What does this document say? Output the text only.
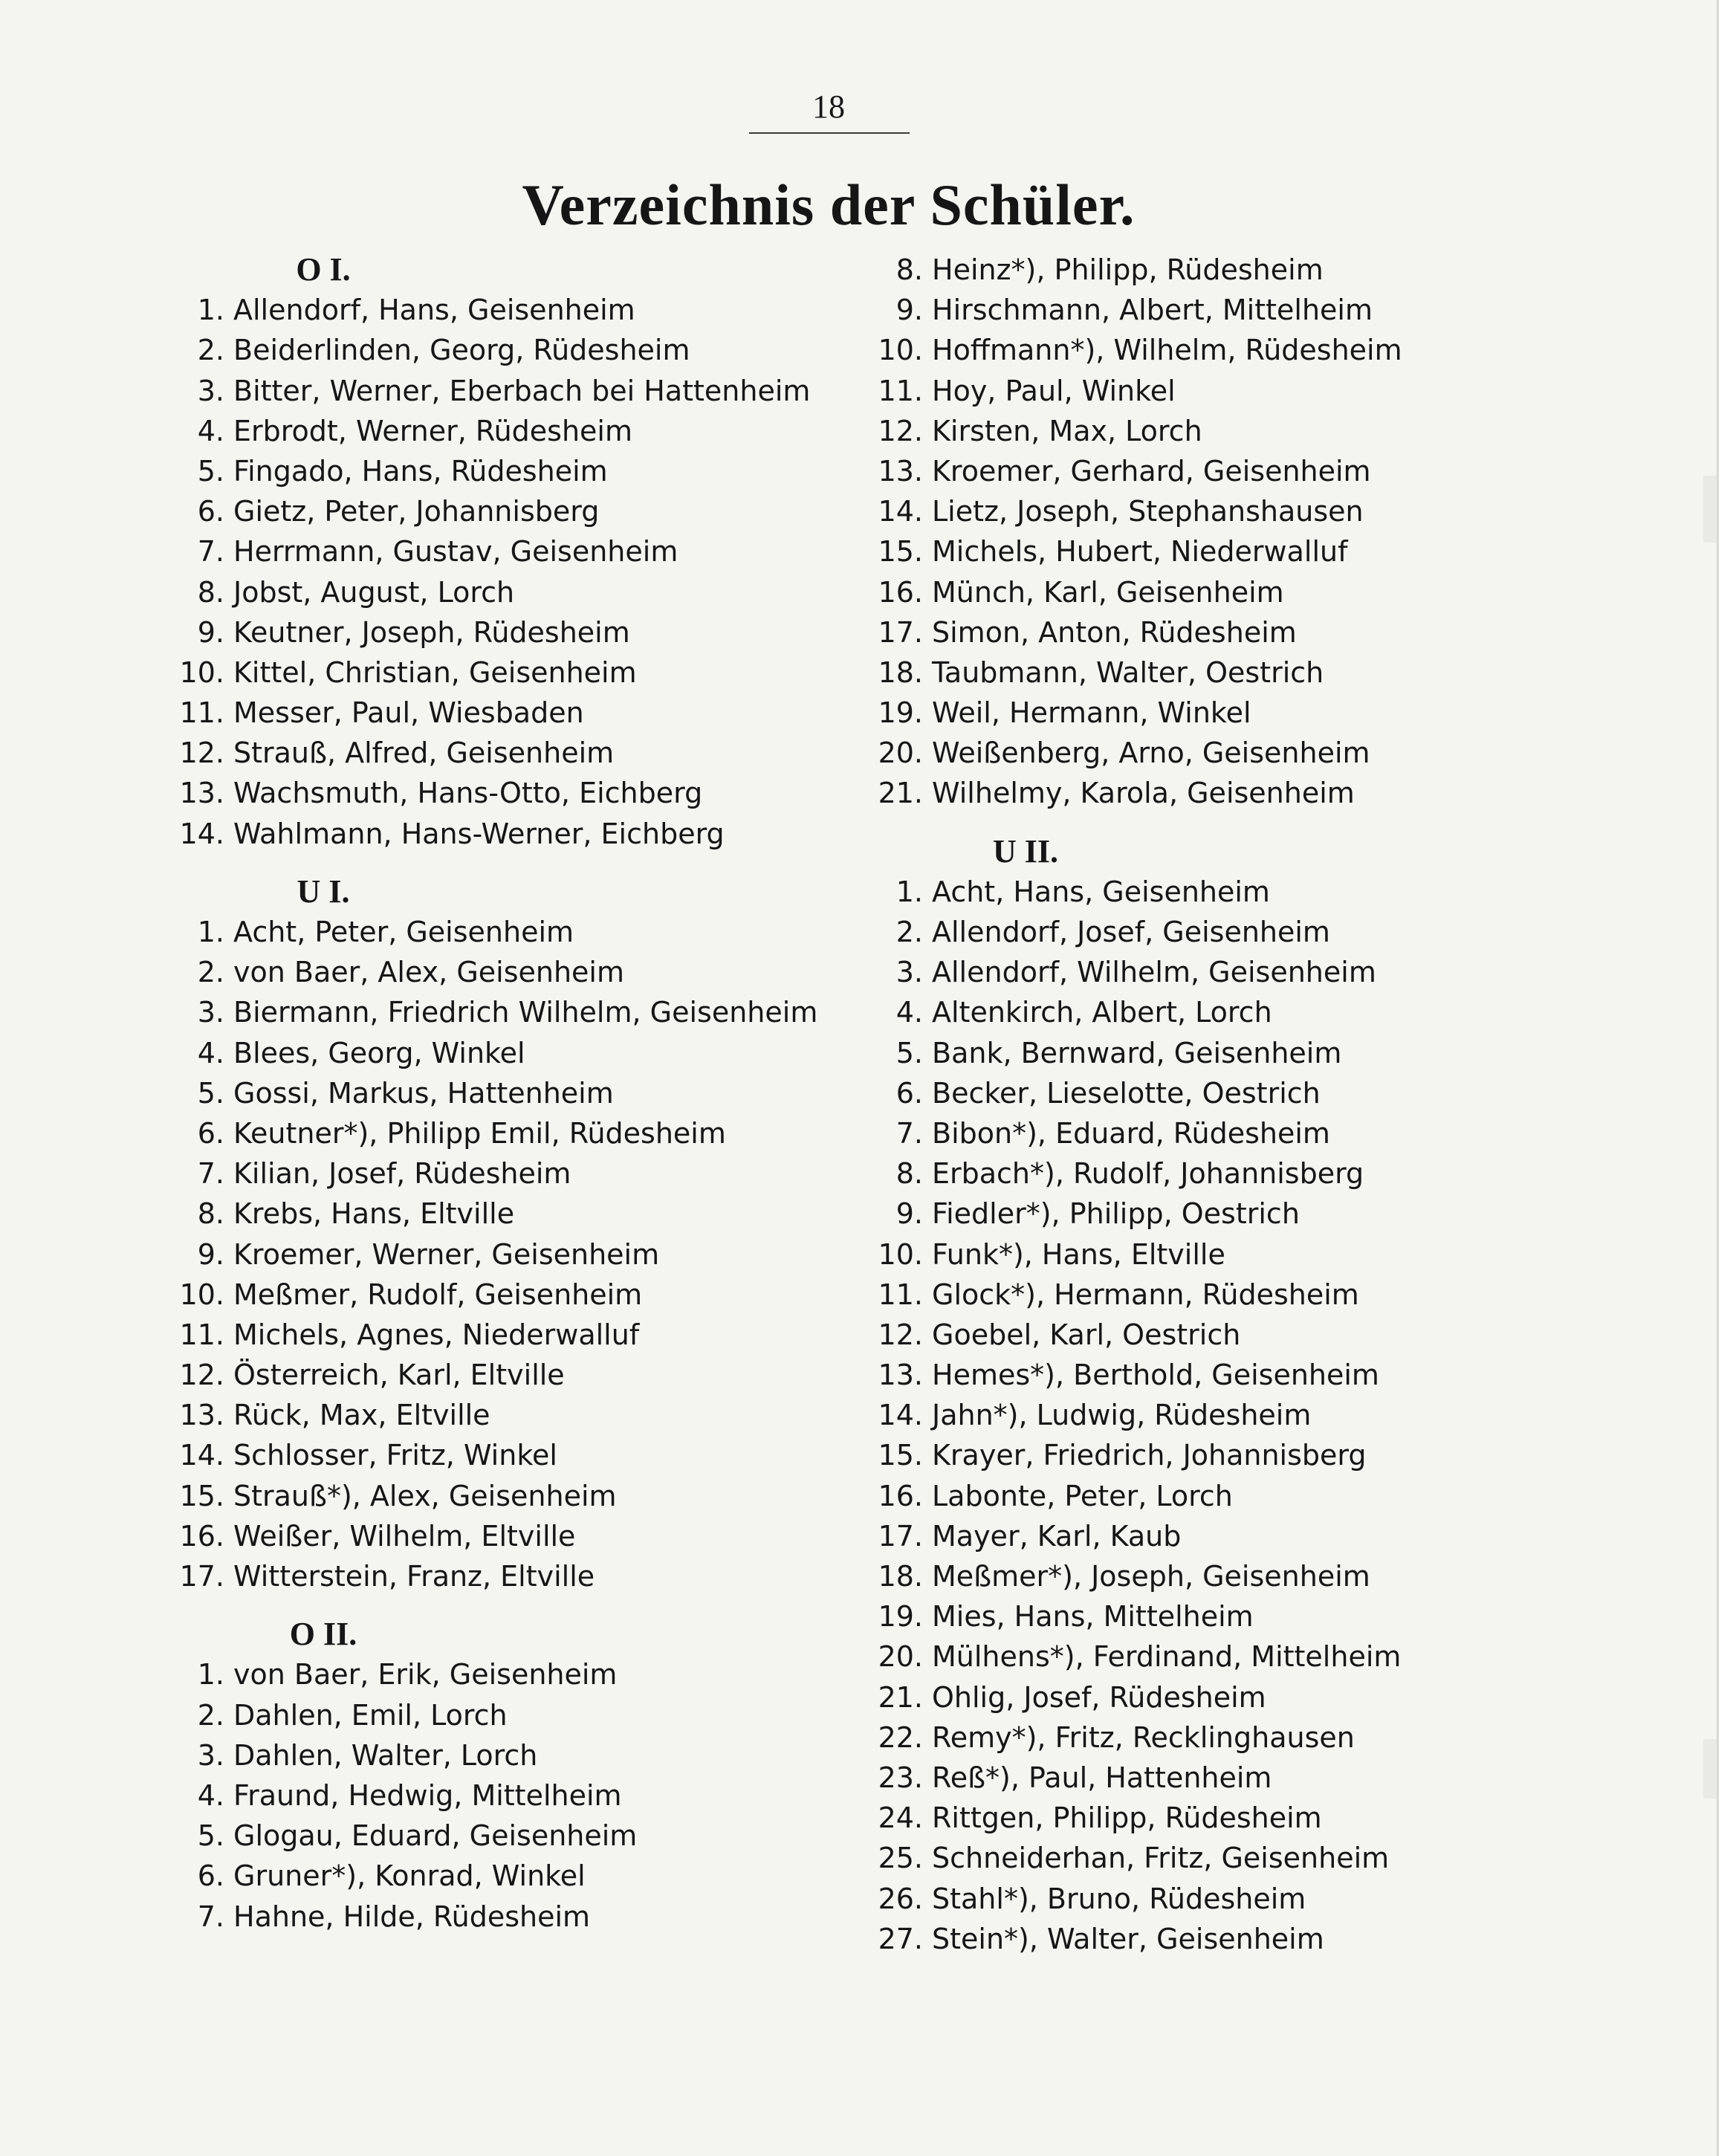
18
Verzeichnis der Schüler.
O I.
1. Allendorf, Hans, Geisenheim
2. Beiderlinden, Georg, Rüdesheim
3. Bitter, Werner, Eberbach bei Hattenheim
4. Erbrodt, Werner, Rüdesheim
5. Fingado, Hans, Rüdesheim
6. Gietz, Peter, Johannisberg
7. Herrmann, Gustav, Geisenheim
8. Jobst, August, Lorch
9. Keutner, Joseph, Rüdesheim
10. Kittel, Christian, Geisenheim
11. Messer, Paul, Wiesbaden
12. Strauß, Alfred, Geisenheim
13. Wachsmuth, Hans-Otto, Eichberg
14. Wahlmann, Hans-Werner, Eichberg
U I.
1. Acht, Peter, Geisenheim
2. von Baer, Alex, Geisenheim
3. Biermann, Friedrich Wilhelm, Geisenheim
4. Blees, Georg, Winkel
5. Gossi, Markus, Hattenheim
6. Keutner*), Philipp Emil, Rüdesheim
7. Kilian, Josef, Rüdesheim
8. Krebs, Hans, Eltville
9. Kroemer, Werner, Geisenheim
10. Meßmer, Rudolf, Geisenheim
11. Michels, Agnes, Niederwalluf
12. Österreich, Karl, Eltville
13. Rück, Max, Eltville
14. Schlosser, Fritz, Winkel
15. Strauß*), Alex, Geisenheim
16. Weißer, Wilhelm, Eltville
17. Witterstein, Franz, Eltville
O II.
1. von Baer, Erik, Geisenheim
2. Dahlen, Emil, Lorch
3. Dahlen, Walter, Lorch
4. Fraund, Hedwig, Mittelheim
5. Glogau, Eduard, Geisenheim
6. Gruner*), Konrad, Winkel
7. Hahne, Hilde, Rüdesheim
8. Heinz*), Philipp, Rüdesheim
9. Hirschmann, Albert, Mittelheim
10. Hoffmann*), Wilhelm, Rüdesheim
11. Hoy, Paul, Winkel
12. Kirsten, Max, Lorch
13. Kroemer, Gerhard, Geisenheim
14. Lietz, Joseph, Stephanshausen
15. Michels, Hubert, Niederwalluf
16. Münch, Karl, Geisenheim
17. Simon, Anton, Rüdesheim
18. Taubmann, Walter, Oestrich
19. Weil, Hermann, Winkel
20. Weißenberg, Arno, Geisenheim
21. Wilhelmy, Karola, Geisenheim
U II.
1. Acht, Hans, Geisenheim
2. Allendorf, Josef, Geisenheim
3. Allendorf, Wilhelm, Geisenheim
4. Altenkirch, Albert, Lorch
5. Bank, Bernward, Geisenheim
6. Becker, Lieselotte, Oestrich
7. Bibon*), Eduard, Rüdesheim
8. Erbach*), Rudolf, Johannisberg
9. Fiedler*), Philipp, Oestrich
10. Funk*), Hans, Eltville
11. Glock*), Hermann, Rüdesheim
12. Goebel, Karl, Oestrich
13. Hemes*), Berthold, Geisenheim
14. Jahn*), Ludwig, Rüdesheim
15. Krayer, Friedrich, Johannisberg
16. Labonte, Peter, Lorch
17. Mayer, Karl, Kaub
18. Meßmer*), Joseph, Geisenheim
19. Mies, Hans, Mittelheim
20. Mülhens*), Ferdinand, Mittelheim
21. Ohlig, Josef, Rüdesheim
22. Remy*), Fritz, Recklinghausen
23. Reß*), Paul, Hattenheim
24. Rittgen, Philipp, Rüdesheim
25. Schneiderhan, Fritz, Geisenheim
26. Stahl*), Bruno, Rüdesheim
27. Stein*), Walter, Geisenheim
